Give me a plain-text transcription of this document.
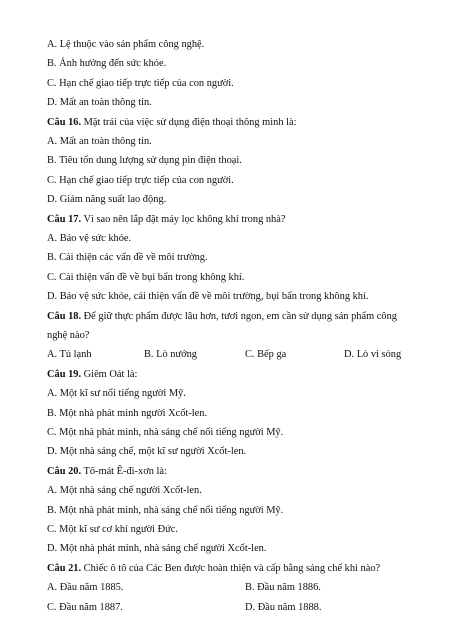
A. Lệ thuộc vào sản phẩm công nghệ.
B. Ảnh hưởng đến sức khỏe.
C. Hạn chế giao tiếp trực tiếp của con người.
D. Mất an toàn thông tin.
Câu 16. Mặt trái của việc sử dụng điện thoại thông minh là:
A. Mất an toàn thông tin.
B. Tiêu tốn dung lượng sử dụng pin điện thoại.
C. Hạn chế giao tiếp trực tiếp của con người.
D. Giảm năng suất lao động.
Câu 17. Vì sao nên lắp đặt máy lọc không khí trong nhà?
A. Bảo vệ sức khỏe.
B. Cải thiện các vấn đề về môi trường.
C. Cải thiện vấn đề về bụi bẩn trong không khí.
D. Bảo vệ sức khỏe, cải thiện vấn đề về môi trường, bụi bẩn trong không khí.
Câu 18. Để giữ thực phẩm được lâu hơn, tươi ngon, em cần sử dụng sản phẩm công
nghệ nào?
A. Tủ lạnh	B. Lò nướng	C. Bếp ga	D. Lò vi sóng
Câu 19. Giêm Oát là:
A. Một kĩ sư nổi tiếng người Mỹ.
B. Một nhà phát minh người Xcốt-len.
C. Một nhà phát minh, nhà sáng chế nổi tiếng người Mỹ.
D. Một nhà sáng chế, một kĩ sư người Xcốt-len.
Câu 20. Tô-mát Ê-đi-xơn là:
A. Một nhà sáng chế người Xcốt-len.
B. Một nhà phát minh, nhà sáng chế nổi tiếng người Mỹ.
C. Một kĩ sư cơ khí người Đức.
D. Một nhà phát minh, nhà sáng chế người Xcốt-len.
Câu 21. Chiếc ô tô của Các Ben được hoàn thiện và cấp bằng sáng chế khi nào?
A. Đầu năm 1885.	B. Đầu năm 1886.
C. Đầu năm 1887.	D. Đầu năm 1888.
